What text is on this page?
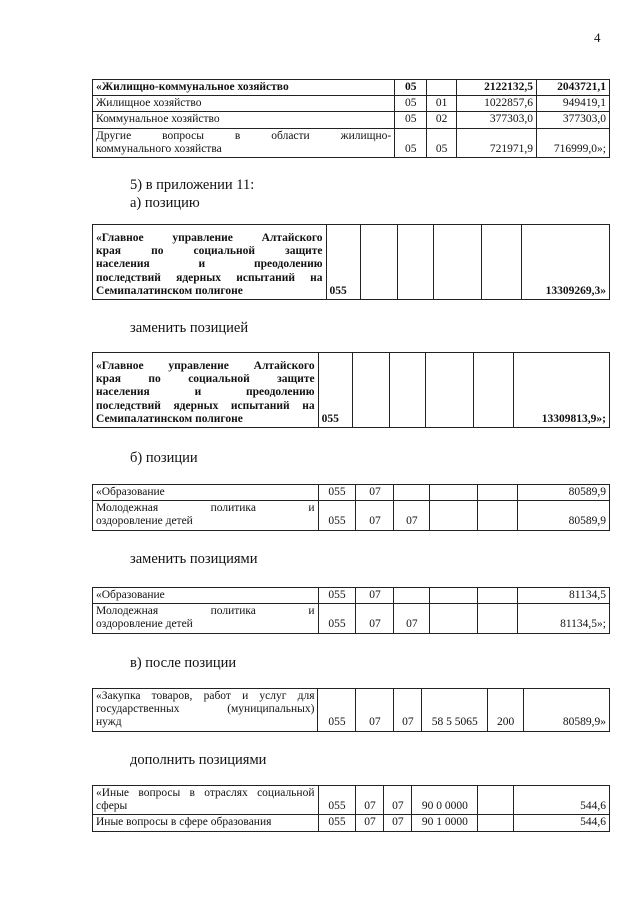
4
«Жилищно-коммунальное хозяйство	05		2122132,5	2043721,1
Жилищное хозяйство	05	01	1022857,6	949419,1
Коммунальное хозяйство	05	02	377303,0	377303,0

Другие вопросы в области жилищно-
коммунального хозяйства	05	05	721971,9	716999,0»;
5) в приложении 11:
а) позицию
«Главное управление Алтайского
края по социальной защите
населения и преодолению
последствий ядерных испытаний на
Семипалатинском полигоне	055					13309269,3»
заменить позицией
«Главное управление Алтайского
края по социальной защите
населения и преодолению
последствий ядерных испытаний на
Семипалатинском полигоне	055					13309813,9»;
б) позиции
«Образование	055	07				80589,9

Молодежная политика и
оздоровление детей	055	07	07			80589,9
заменить позициями
«Образование	055	07				81134,5

Молодежная политика и
оздоровление детей	055	07	07			81134,5»;
в) после позиции
«Закупка товаров, работ и услуг для
государственных (муниципальных)
нужд	055	07	07	58 5 5065	200	80589,9»
дополнить позициями
«Иные вопросы в отраслях социальной
сферы	055	07	07	90 0 0000		544,6
Иные вопросы в сфере образования	055	07	07	90 1 0000		544,6
